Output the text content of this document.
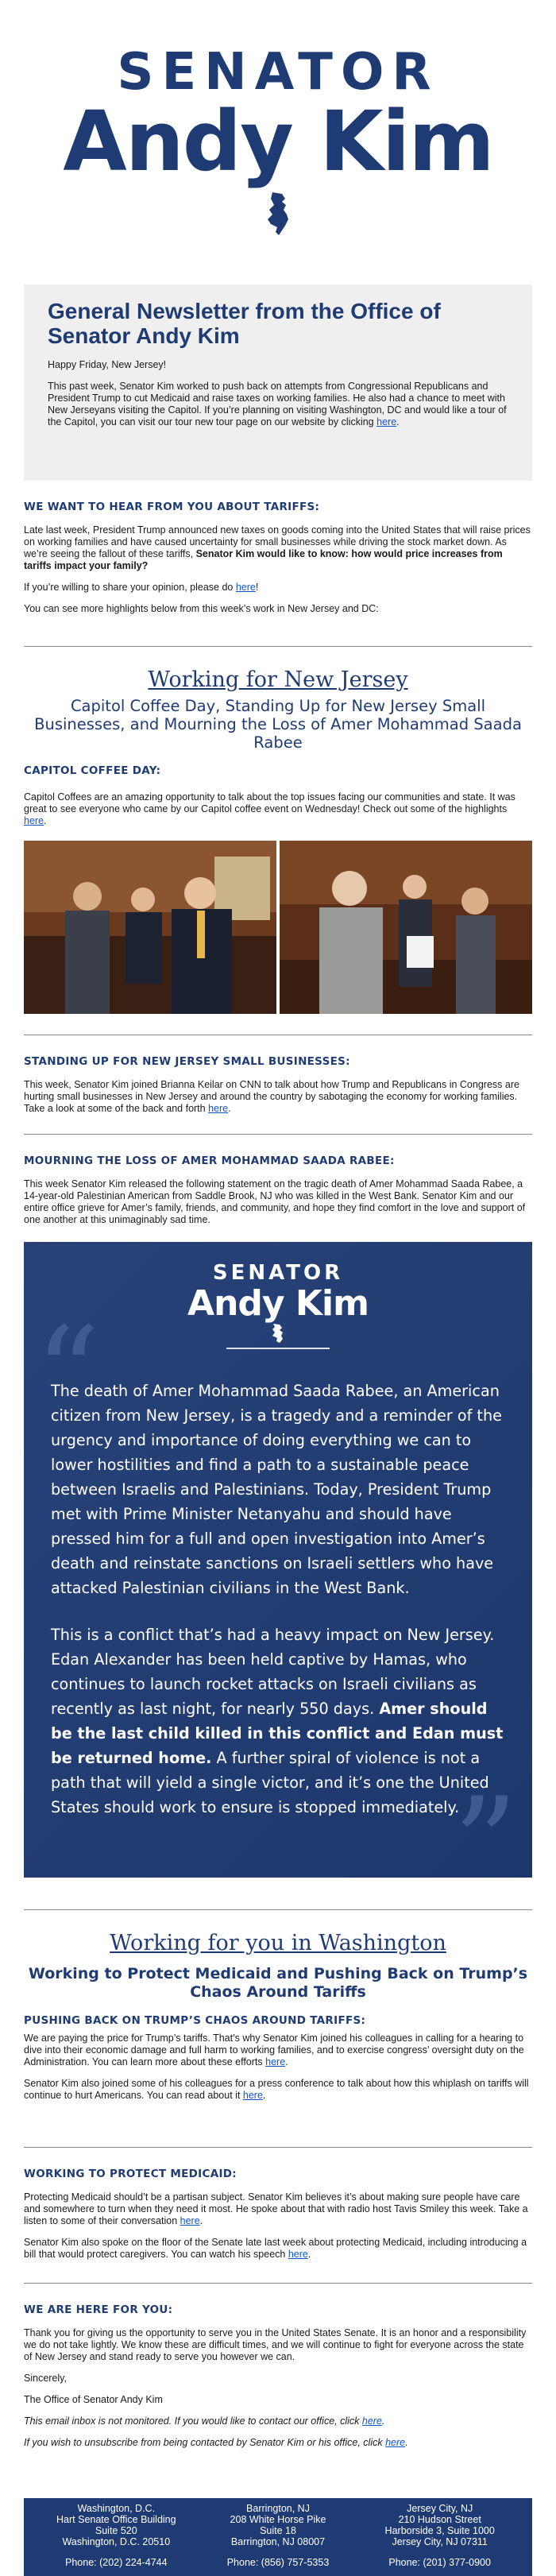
SENATOR
Andy Kim
General Newsletter from the Office of Senator Andy Kim

Happy Friday, New Jersey!

This past week, Senator Kim worked to push back on attempts from Congressional Republicans and President Trump to cut Medicaid and raise taxes on working families. He also had a chance to meet with New Jerseyans visiting the Capitol. If you’re planning on visiting Washington, DC and would like a tour of the Capitol, you can visit our tour new tour page on our website by clicking here.

WE WANT TO HEAR FROM YOU ABOUT TARIFFS:

Late last week, President Trump announced new taxes on goods coming into the United States that will raise prices on working families and have caused uncertainty for small businesses while driving the stock market down. As we’re seeing the fallout of these tariffs, Senator Kim would like to know: how would price increases from tariffs impact your family?

If you’re willing to share your opinion, please do here!

You can see more highlights below from this week’s work in New Jersey and DC:

Working for New Jersey
Capitol Coffee Day, Standing Up for New Jersey Small Businesses, and Mourning the Loss of Amer Mohammad Saada Rabee
CAPITOL COFFEE DAY:

Capitol Coffees are an amazing opportunity to talk about the top issues facing our communities and state. It was great to see everyone who came by our Capitol coffee event on Wednesday! Check out some of the highlights here.

STANDING UP FOR NEW JERSEY SMALL BUSINESSES:

This week, Senator Kim joined Brianna Keilar on CNN to talk about how Trump and Republicans in Congress are hurting small businesses in New Jersey and around the country by sabotaging the economy for working families. Take a look at some of the back and forth here.

MOURNING THE LOSS OF AMER MOHAMMAD SAADA RABEE:

This week Senator Kim released the following statement on the tragic death of Amer Mohammad Saada Rabee, a 14-year-old Palestinian American from Saddle Brook, NJ who was killed in the West Bank. Senator Kim and our entire office grieve for Amer’s family, friends, and community, and hope they find comfort in the love and support of one another at this unimaginably sad time.

SENATOR
Andy Kim
“

The death of Amer Mohammad Saada Rabee, an American citizen from New Jersey, is a tragedy and a reminder of the urgency and importance of doing everything we can to lower hostilities and find a path to a sustainable peace between Israelis and Palestinians. Today, President Trump met with Prime Minister Netanyahu and should have pressed him for a full and open investigation into Amer’s death and reinstate sanctions on Israeli settlers who have attacked Palestinian civilians in the West Bank.

This is a conflict that’s had a heavy impact on New Jersey. Edan Alexander has been held captive by Hamas, who continues to launch rocket attacks on Israeli civilians as recently as last night, for nearly 550 days. Amer should be the last child killed in this conflict and Edan must be returned home. A further spiral of violence is not a path that will yield a single victor, and it’s one the United States should work to ensure is stopped immediately.

”
Working for you in Washington
Working to Protect Medicaid and Pushing Back on Trump’s Chaos Around Tariffs
PUSHING BACK ON TRUMP’S CHAOS AROUND TARIFFS:

We are paying the price for Trump’s tariffs. That’s why Senator Kim joined his colleagues in calling for a hearing to dive into their economic damage and full harm to working families, and to exercise congress’ oversight duty on the Administration. You can learn more about these efforts here.

Senator Kim also joined some of his colleagues for a press conference to talk about how this whiplash on tariffs will continue to hurt Americans. You can read about it here.

WORKING TO PROTECT MEDICAID:

Protecting Medicaid should’t be a partisan subject. Senator Kim believes it’s about making sure people have care and somewhere to turn when they need it most. He spoke about that with radio host Tavis Smiley this week. Take a listen to some of their conversation here.

Senator Kim also spoke on the floor of the Senate late last week about protecting Medicaid, including introducing a bill that would protect caregivers. You can watch his speech here.

WE ARE HERE FOR YOU:

Thank you for giving us the opportunity to serve you in the United States Senate. It is an honor and a responsibility we do not take lightly. We know these are difficult times, and we will continue to fight for everyone across the state of New Jersey and stand ready to serve you however we can.

Sincerely,

The Office of Senator Andy Kim

This email inbox is not monitored. If you would like to contact our office, click here.

If you wish to unsubscribe from being contacted by Senator Kim or his office, click here.

Washington, D.C.
Hart Senate Office Building
Suite 520
Washington, D.C. 20510
Phone: (202) 224-4744
Barrington, NJ
208 White Horse Pike
Suite 18
Barrington, NJ 08007
Phone: (856) 757-5353
Jersey City, NJ
210 Hudson Street
Harborside 3, Suite 1000
Jersey City, NJ 07311
Phone: (201) 377-0900
